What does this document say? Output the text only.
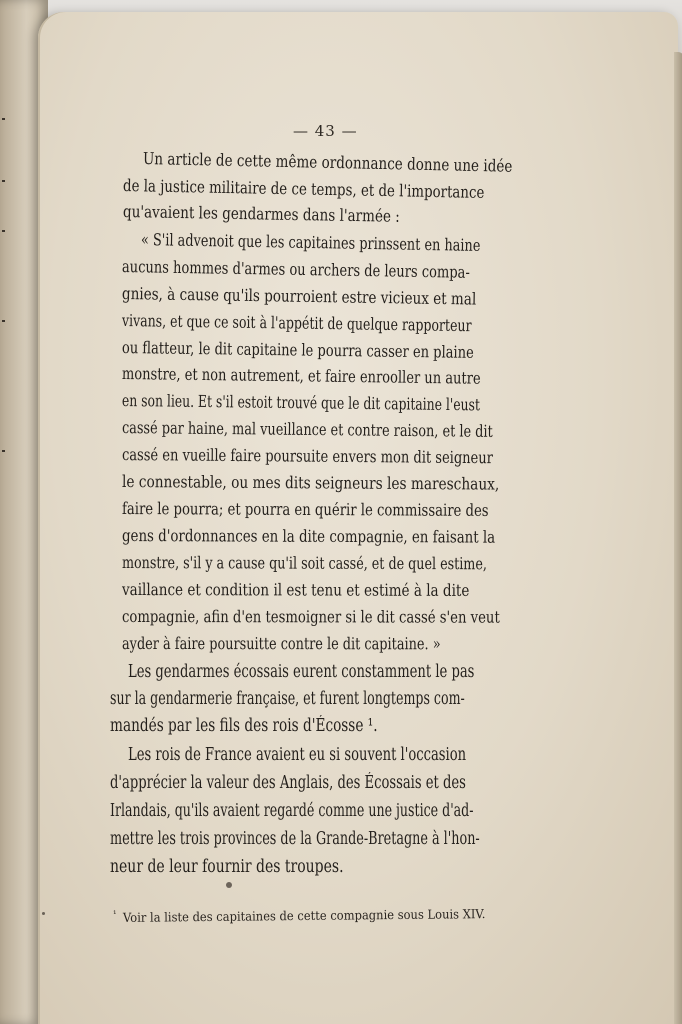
— 43 —
Un article de cette même ordonnance donne une idée
de la justice militaire de ce temps, et de l'importance
qu'avaient les gendarmes dans l'armée :
« S'il advenoit que les capitaines prinssent en haine
aucuns hommes d'armes ou archers de leurs compa-
gnies, à cause qu'ils pourroient estre vicieux et mal
vivans, et que ce soit à l'appétit de quelque rapporteur
ou flatteur, le dit capitaine le pourra casser en plaine
monstre, et non autrement, et faire enrooller un autre
en son lieu. Et s'il estoit trouvé que le dit capitaine l'eust
cassé par haine, mal vueillance et contre raison, et le dit
cassé en vueille faire poursuite envers mon dit seigneur
le connestable, ou mes dits seigneurs les mareschaux,
faire le pourra; et pourra en quérir le commissaire des
gens d'ordonnances en la dite compagnie, en faisant la
monstre, s'il y a cause qu'il soit cassé, et de quel estime,
vaillance et condition il est tenu et estimé à la dite
compagnie, afin d'en tesmoigner si le dit cassé s'en veut
ayder à faire poursuitte contre le dit capitaine. »
Les gendarmes écossais eurent constamment le pas
sur la gendarmerie française, et furent longtemps com-
mandés par les fils des rois d'Écosse ¹.
Les rois de France avaient eu si souvent l'occasion
d'apprécier la valeur des Anglais, des Écossais et des
Irlandais, qu'ils avaient regardé comme une justice d'ad-
mettre les trois provinces de la Grande-Bretagne à l'hon-
neur de leur fournir des troupes.
$^{^1}$ Voir la liste des capitaines de cette compagnie sous Louis XIV.
